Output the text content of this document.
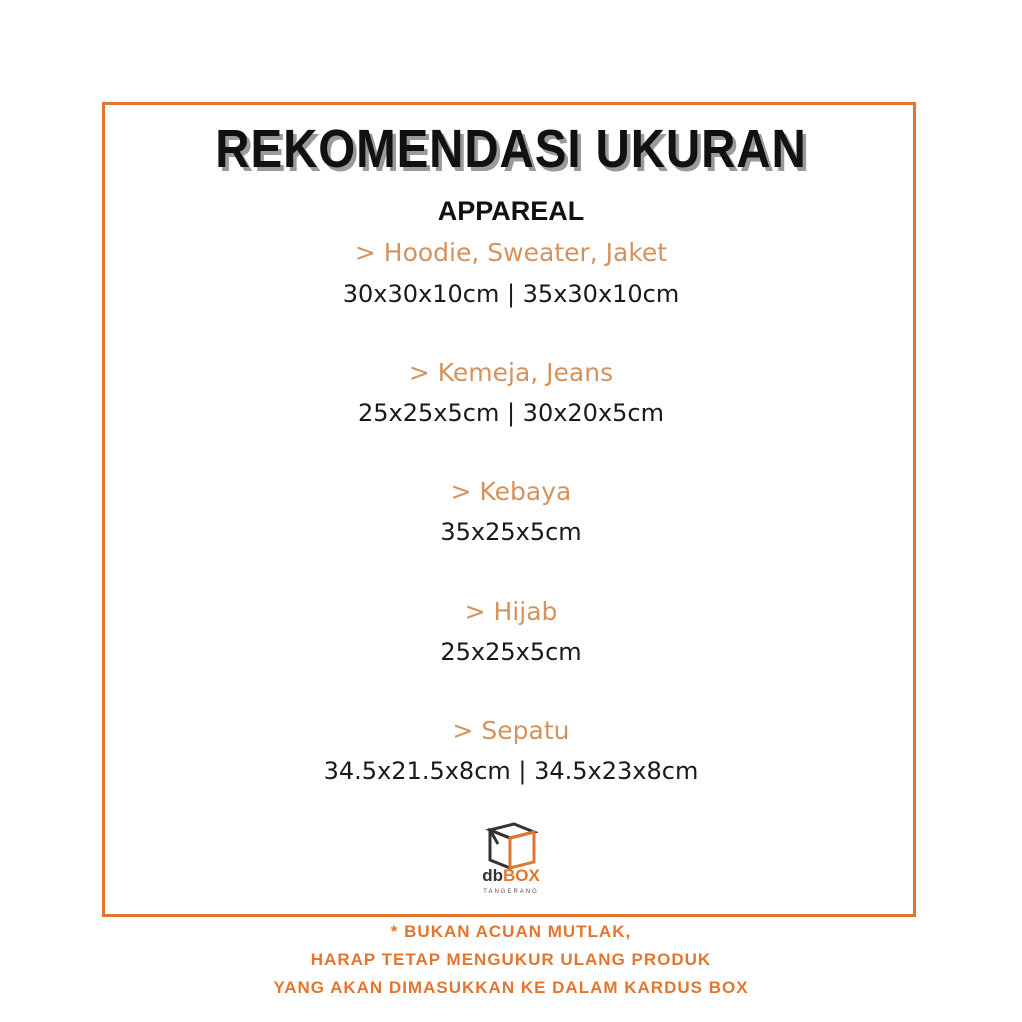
REKOMENDASI UKURAN
APPAREAL
> Hoodie, Sweater, Jaket
30x30x10cm | 35x30x10cm
> Kemeja, Jeans
25x25x5cm | 30x20x5cm
> Kebaya
35x25x5cm
> Hijab
25x25x5cm
> Sepatu
34.5x21.5x8cm | 34.5x23x8cm
dbBOX
TANGERANG
* BUKAN ACUAN MUTLAK,
HARAP TETAP MENGUKUR ULANG PRODUK
YANG AKAN DIMASUKKAN KE DALAM KARDUS BOX
